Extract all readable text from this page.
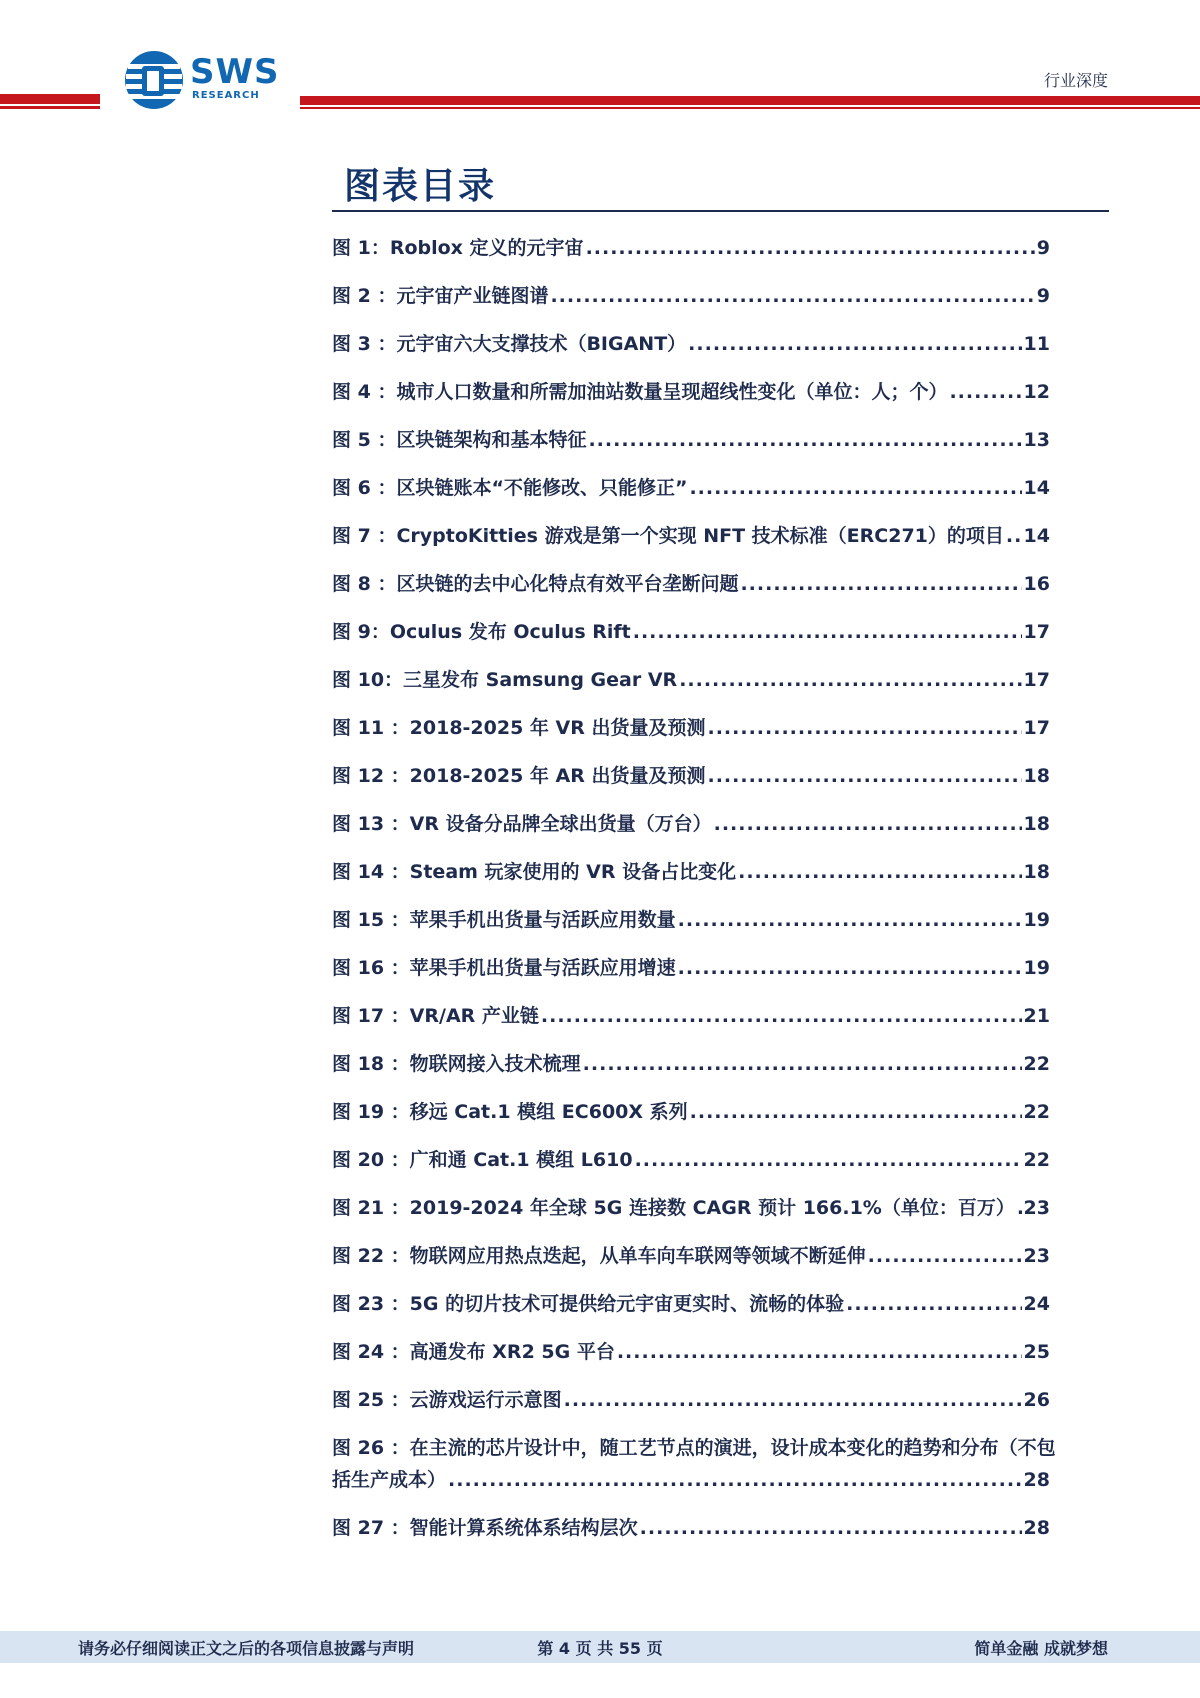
SWS
RESEARCH
行业深度
图表目录
图 1：Roblox 定义的元宇宙 .....	9
图 2 ：元宇宙产业链图谱 .....	9
图 3 ：元宇宙六大支撑技术（BIGANT） .....	11
图 4 ：城市人口数量和所需加油站数量呈现超线性变化（单位：人；个） .....	12
图 5 ：区块链架构和基本特征 .....	13
图 6 ：区块链账本“不能修改、只能修正” .....	14
图 7 ：CryptoKitties 游戏是第一个实现 NFT 技术标准（ERC271）的项目 ..... 14
图 8 ：区块链的去中心化特点有效平台垄断问题 .....	16
图 9：Oculus 发布 Oculus Rift .....	17
图 10：三星发布 Samsung Gear VR .....	17
图 11 ：2018-2025 年 VR 出货量及预测 .....	17
图 12 ：2018-2025 年 AR 出货量及预测 .....	18
图 13 ：VR 设备分品牌全球出货量（万台） .....	18
图 14 ：Steam 玩家使用的 VR 设备占比变化 .....	18
图 15 ：苹果手机出货量与活跃应用数量 .....	19
图 16 ：苹果手机出货量与活跃应用增速 .....	19
图 17 ：VR/AR 产业链 .....	21
图 18 ：物联网接入技术梳理 .....	22
图 19 ：移远 Cat.1 模组 EC600X 系列 .....	22
图 20 ：广和通 Cat.1 模组 L610 .....	22
图 21 ：2019-2024 年全球 5G 连接数 CAGR 预计 166.1%（单位：百万） ..... 23
图 22 ：物联网应用热点迭起，从单车向车联网等领域不断延伸 .....	23
图 23 ：5G 的切片技术可提供给元宇宙更实时、流畅的体验 .....	24
图 24 ：高通发布 XR2 5G 平台 .....	25
图 25 ：云游戏运行示意图 .....	26
图 26 ：在主流的芯片设计中，随工艺节点的演进，设计成本变化的趋势和分布（不包
括生产成本） .....	28
图 27 ：智能计算系统体系结构层次 .....	28
请务必仔细阅读正文之后的各项信息披露与声明	第 4 页 共 55 页	简单金融 成就梦想
